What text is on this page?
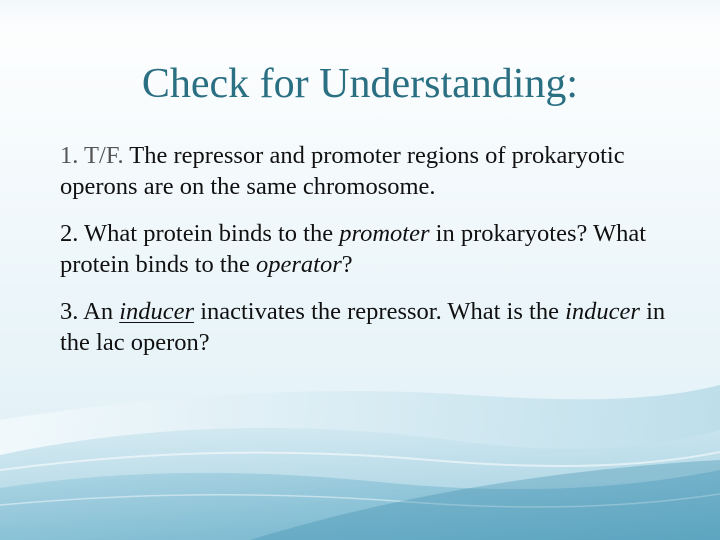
Check for Understanding:

1. T/F. The repressor and promoter regions of prokaryotic operons are on the same chromosome.

2. What protein binds to the promoter in prokaryotes? What protein binds to the operator?

3. An inducer inactivates the repressor. What is the inducer in the lac operon?
